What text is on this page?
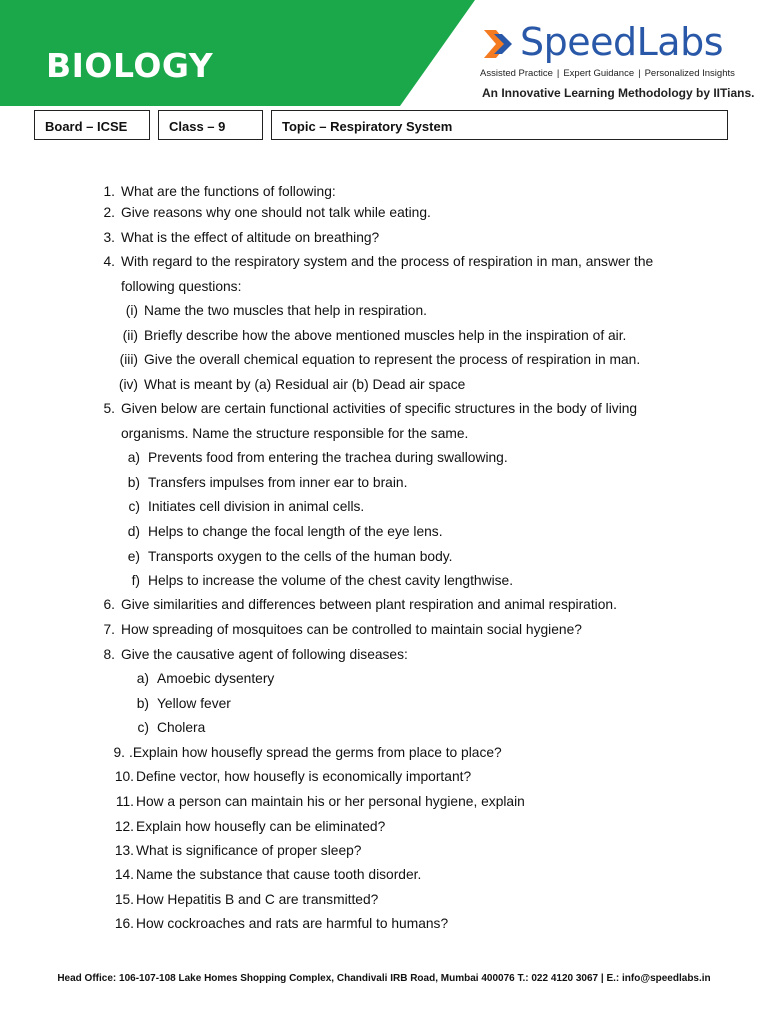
BIOLOGY
SpeedLabs
Assisted Practice | Expert Guidance | Personalized Insights
An Innovative Learning Methodology by IITians.
Board – ICSE	Class – 9	Topic – Respiratory System
1. What are the functions of following:
2. Give reasons why one should not talk while eating.
3. What is the effect of altitude on breathing?
4. With regard to the respiratory system and the process of respiration in man, answer the
following questions:
(i) Name the two muscles that help in respiration.
(ii) Briefly describe how the above mentioned muscles help in the inspiration of air.
(iii) Give the overall chemical equation to represent the process of respiration in man.
(iv) What is meant by (a) Residual air (b) Dead air space
5. Given below are certain functional activities of specific structures in the body of living
organisms. Name the structure responsible for the same.
a) Prevents food from entering the trachea during swallowing.
b) Transfers impulses from inner ear to brain.
c) Initiates cell division in animal cells.
d) Helps to change the focal length of the eye lens.
e) Transports oxygen to the cells of the human body.
f) Helps to increase the volume of the chest cavity lengthwise.
6. Give similarities and differences between plant respiration and animal respiration.
7. How spreading of mosquitoes can be controlled to maintain social hygiene?
8. Give the causative agent of following diseases:
a) Amoebic dysentery
b) Yellow fever
c) Cholera
9. .Explain how housefly spread the germs from place to place?
10. Define vector, how housefly is economically important?
11. How a person can maintain his or her personal hygiene, explain
12. Explain how housefly can be eliminated?
13. What is significance of proper sleep?
14. Name the substance that cause tooth disorder.
15. How Hepatitis B and C are transmitted?
16. How cockroaches and rats are harmful to humans?
Head Office: 106-107-108 Lake Homes Shopping Complex, Chandivali IRB Road, Mumbai 400076 T.: 022 4120 3067 | E.: info@speedlabs.in
